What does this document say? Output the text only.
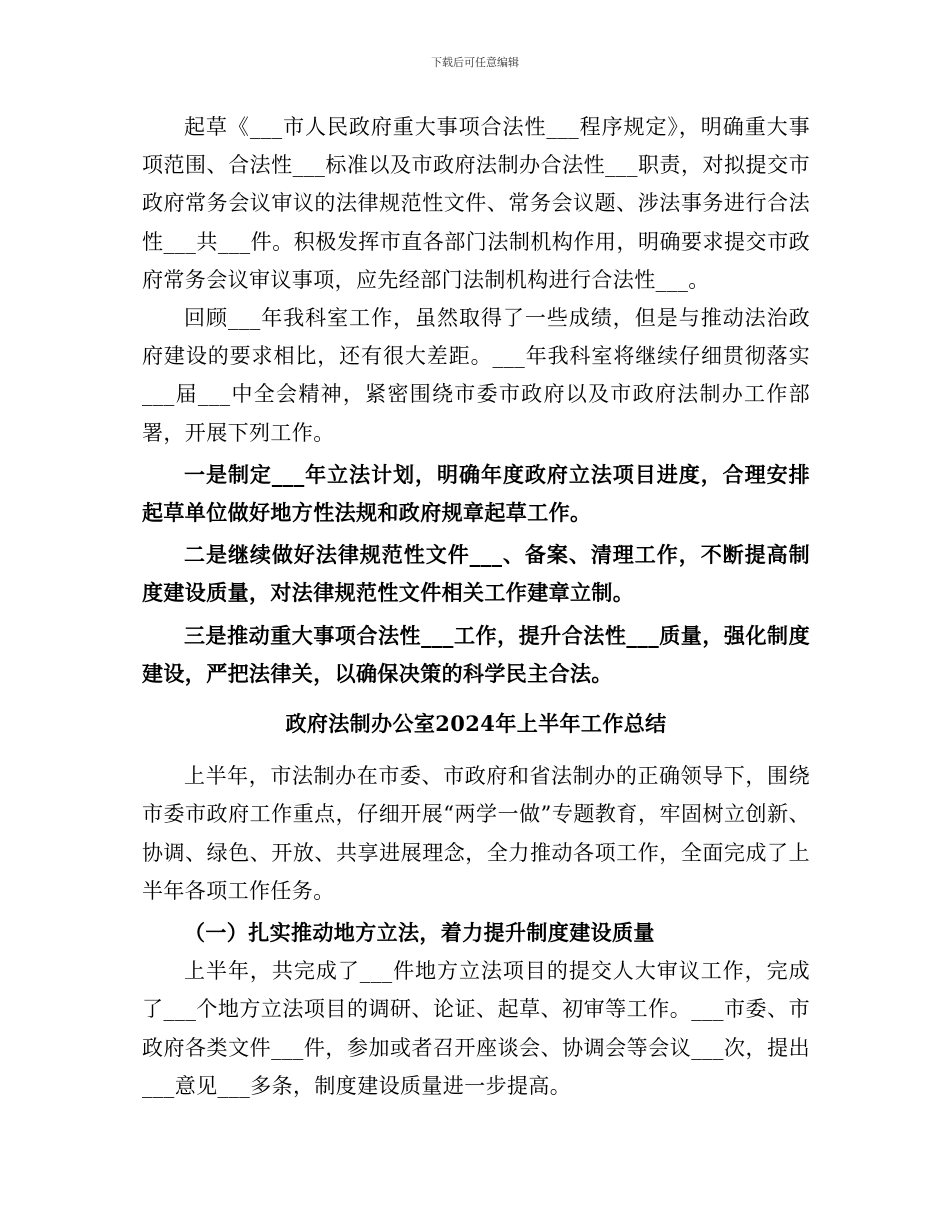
下载后可任意编辑

起草《___市人民政府重大事项合法性___程序规定》，明确重大事项范围、合法性___标准以及市政府法制办合法性___职责，对拟提交市政府常务会议审议的法律规范性文件、常务会议题、涉法事务进行合法性___共___件。积极发挥市直各部门法制机构作用，明确要求提交市政府常务会议审议事项，应先经部门法制机构进行合法性___。

回顾___年我科室工作，虽然取得了一些成绩，但是与推动法治政府建设的要求相比，还有很大差距。___年我科室将继续仔细贯彻落实___届___中全会精神，紧密围绕市委市政府以及市政府法制办工作部署，开展下列工作。

一是制定___年立法计划，明确年度政府立法项目进度，合理安排起草单位做好地方性法规和政府规章起草工作。

二是继续做好法律规范性文件___、备案、清理工作，不断提高制度建设质量，对法律规范性文件相关工作建章立制。

三是推动重大事项合法性___工作，提升合法性___质量，强化制度建设，严把法律关，以确保决策的科学民主合法。

政府法制办公室2024年上半年工作总结

上半年，市法制办在市委、市政府和省法制办的正确领导下，围绕市委市政府工作重点，仔细开展“两学一做”专题教育，牢固树立创新、协调、绿色、开放、共享进展理念，全力推动各项工作，全面完成了上半年各项工作任务。

（一）扎实推动地方立法，着力提升制度建设质量

上半年，共完成了___件地方立法项目的提交人大审议工作，完成了___个地方立法项目的调研、论证、起草、初审等工作。___市委、市政府各类文件___件，参加或者召开座谈会、协调会等会议___次，提出___意见___多条，制度建设质量进一步提高。
